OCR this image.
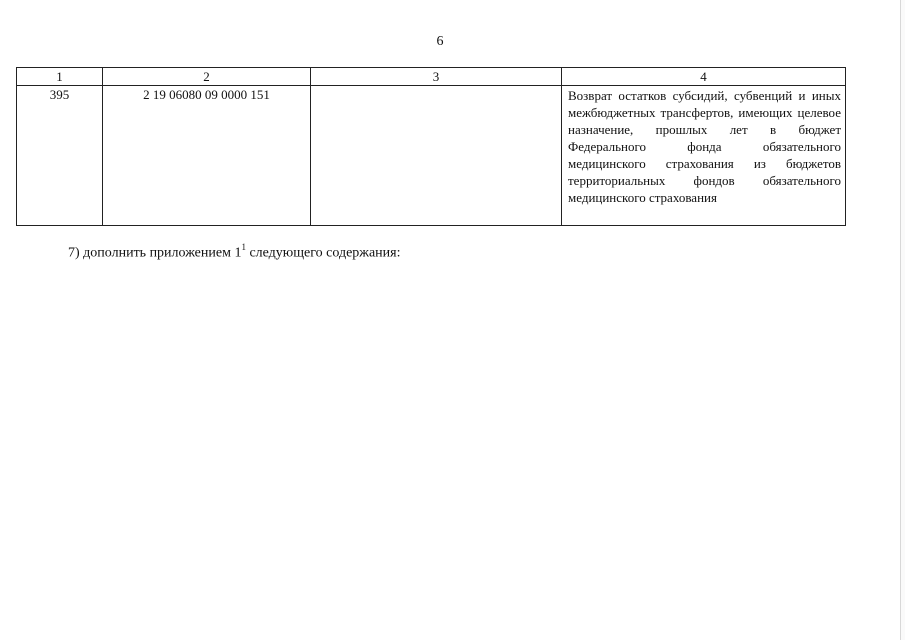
6
1	2	3	4
395	2 19 06080 09 0000 151		Возврат остатков субсидий, субвенций и иных межбюджетных трансфертов, имеющих целевое назначение, прошлых лет в бюджет Федерального фонда обязательного медицинского страхования из бюджетов территориальных фондов обязательного медицинского страхования
7) дополнить приложением $1^1$ следующего содержания:
